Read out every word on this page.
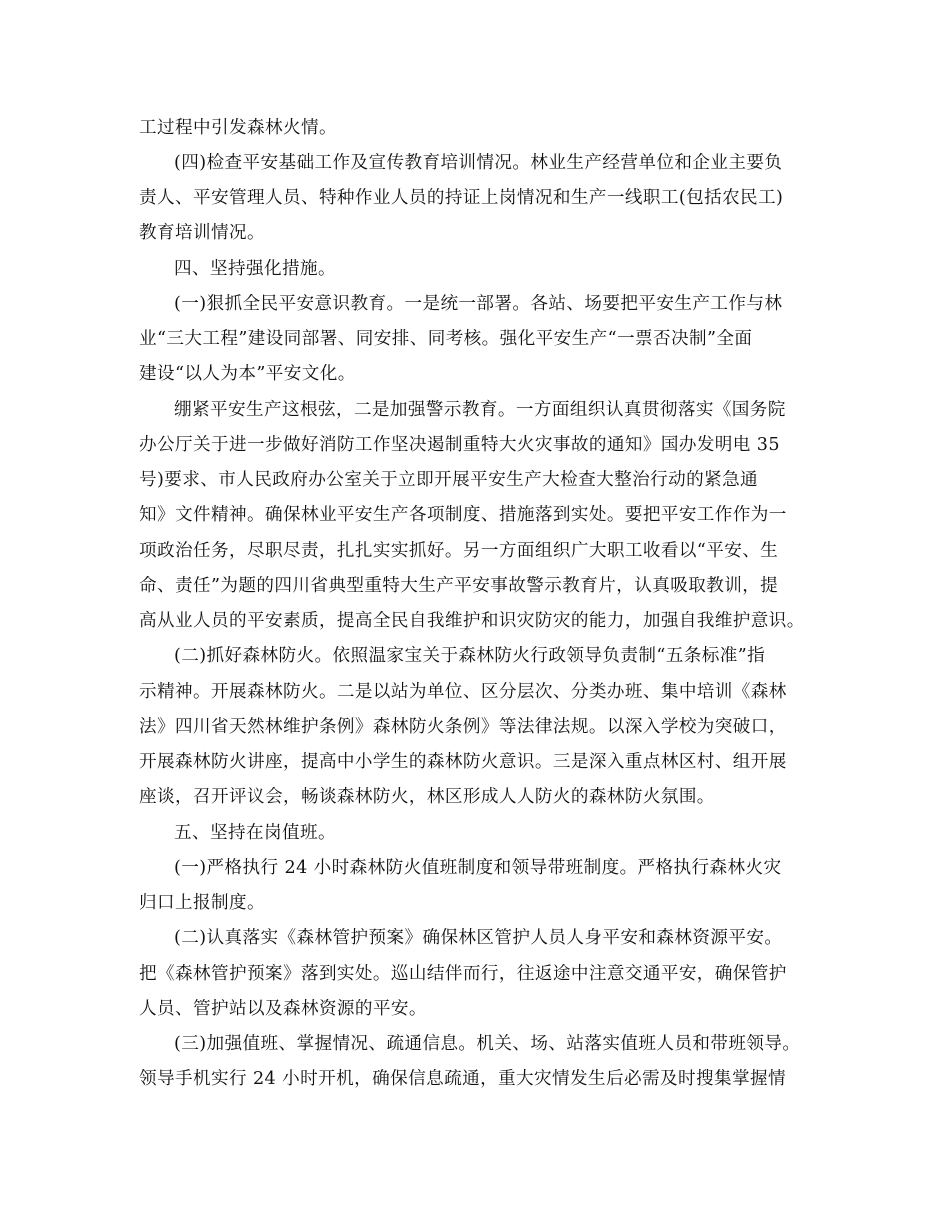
工过程中引发森林火情。
(四)检查平安基础工作及宣传教育培训情况。林业生产经营单位和企业主要负
责人、平安管理人员、特种作业人员的持证上岗情况和生产一线职工(包括农民工)
教育培训情况。
四、坚持强化措施。
(一)狠抓全民平安意识教育。一是统一部署。各站、场要把平安生产工作与林
业“三大工程”建设同部署、同安排、同考核。强化平安生产“一票否决制”全面
建设“以人为本”平安文化。
绷紧平安生产这根弦，二是加强警示教育。一方面组织认真贯彻落实《国务院
办公厅关于进一步做好消防工作坚决遏制重特大火灾事故的通知》国办发明电 35
号)要求、市人民政府办公室关于立即开展平安生产大检查大整治行动的紧急通
知》文件精神。确保林业平安生产各项制度、措施落到实处。要把平安工作作为一
项政治任务，尽职尽责，扎扎实实抓好。另一方面组织广大职工收看以“平安、生
命、责任”为题的四川省典型重特大生产平安事故警示教育片，认真吸取教训，提
高从业人员的平安素质，提高全民自我维护和识灾防灾的能力，加强自我维护意识。
(二)抓好森林防火。依照温家宝关于森林防火行政领导负责制“五条标准”指
示精神。开展森林防火。二是以站为单位、区分层次、分类办班、集中培训《森林
法》四川省天然林维护条例》森林防火条例》等法律法规。以深入学校为突破口，
开展森林防火讲座，提高中小学生的森林防火意识。三是深入重点林区村、组开展
座谈，召开评议会，畅谈森林防火，林区形成人人防火的森林防火氛围。
五、坚持在岗值班。
(一)严格执行 24 小时森林防火值班制度和领导带班制度。严格执行森林火灾
归口上报制度。
(二)认真落实《森林管护预案》确保林区管护人员人身平安和森林资源平安。
把《森林管护预案》落到实处。巡山结伴而行，往返途中注意交通平安，确保管护
人员、管护站以及森林资源的平安。
(三)加强值班、掌握情况、疏通信息。机关、场、站落实值班人员和带班领导。
领导手机实行 24 小时开机，确保信息疏通，重大灾情发生后必需及时搜集掌握情
